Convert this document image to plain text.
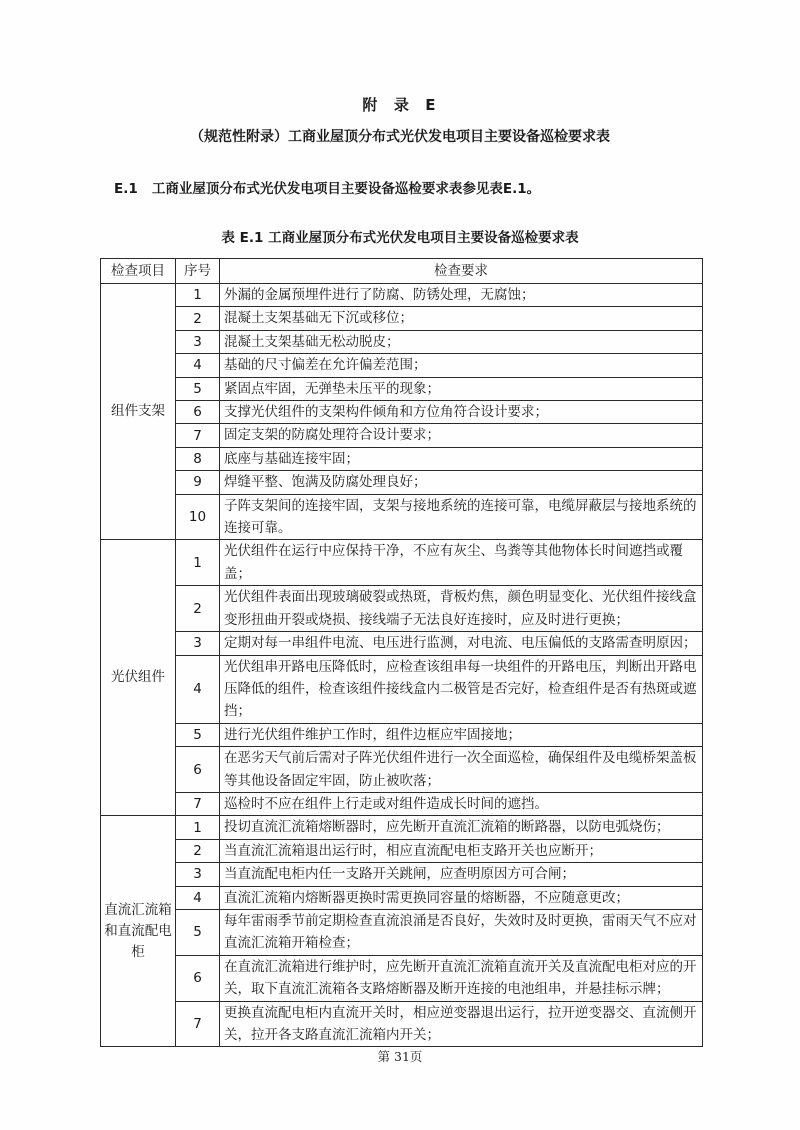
附  录  E
（规范性附录）工商业屋顶分布式光伏发电项目主要设备巡检要求表

E.1   工商业屋顶分布式光伏发电项目主要设备巡检要求表参见表E.1。

表 E.1 工商业屋顶分布式光伏发电项目主要设备巡检要求表
检查项目	序号	检查要求
组件支架	1	外漏的金属预埋件进行了防腐、防锈处理，无腐蚀；
	2	混凝土支架基础无下沉或移位；
	3	混凝土支架基础无松动脱皮；
	4	基础的尺寸偏差在允许偏差范围；
	5	紧固点牢固，无弹垫未压平的现象；
	6	支撑光伏组件的支架构件倾角和方位角符合设计要求；
	7	固定支架的防腐处理符合设计要求；
	8	底座与基础连接牢固；
	9	焊缝平整、饱满及防腐处理良好；
	10	子阵支架间的连接牢固，支架与接地系统的连接可靠，电缆屏蔽层与接地系统的连接可靠。
光伏组件	1	光伏组件在运行中应保持干净，不应有灰尘、鸟粪等其他物体长时间遮挡或覆盖；
	2	光伏组件表面出现玻璃破裂或热斑，背板灼焦，颜色明显变化、光伏组件接线盒变形扭曲开裂或烧损、接线端子无法良好连接时，应及时进行更换；
	3	定期对每一串组件电流、电压进行监测，对电流、电压偏低的支路需查明原因；
	4	光伏组串开路电压降低时，应检查该组串每一块组件的开路电压，判断出开路电压降低的组件，检查该组件接线盒内二极管是否完好，检查组件是否有热斑或遮挡；
	5	进行光伏组件维护工作时，组件边框应牢固接地；
	6	在恶劣天气前后需对子阵光伏组件进行一次全面巡检，确保组件及电缆桥架盖板等其他设备固定牢固，防止被吹落；
	7	巡检时不应在组件上行走或对组件造成长时间的遮挡。
直流汇流箱和直流配电柜	1	投切直流汇流箱熔断器时，应先断开直流汇流箱的断路器，以防电弧烧伤；
	2	当直流汇流箱退出运行时，相应直流配电柜支路开关也应断开；
	3	当直流配电柜内任一支路开关跳闸，应查明原因方可合闸；
	4	直流汇流箱内熔断器更换时需更换同容量的熔断器，不应随意更改；
	5	每年雷雨季节前定期检查直流浪涌是否良好，失效时及时更换，雷雨天气不应对直流汇流箱开箱检查；
	6	在直流汇流箱进行维护时，应先断开直流汇流箱直流开关及直流配电柜对应的开关，取下直流汇流箱各支路熔断器及断开连接的电池组串，并悬挂标示牌；
	7	更换直流配电柜内直流开关时，相应逆变器退出运行，拉开逆变器交、直流侧开关，拉开各支路直流汇流箱内开关；
第 31页
